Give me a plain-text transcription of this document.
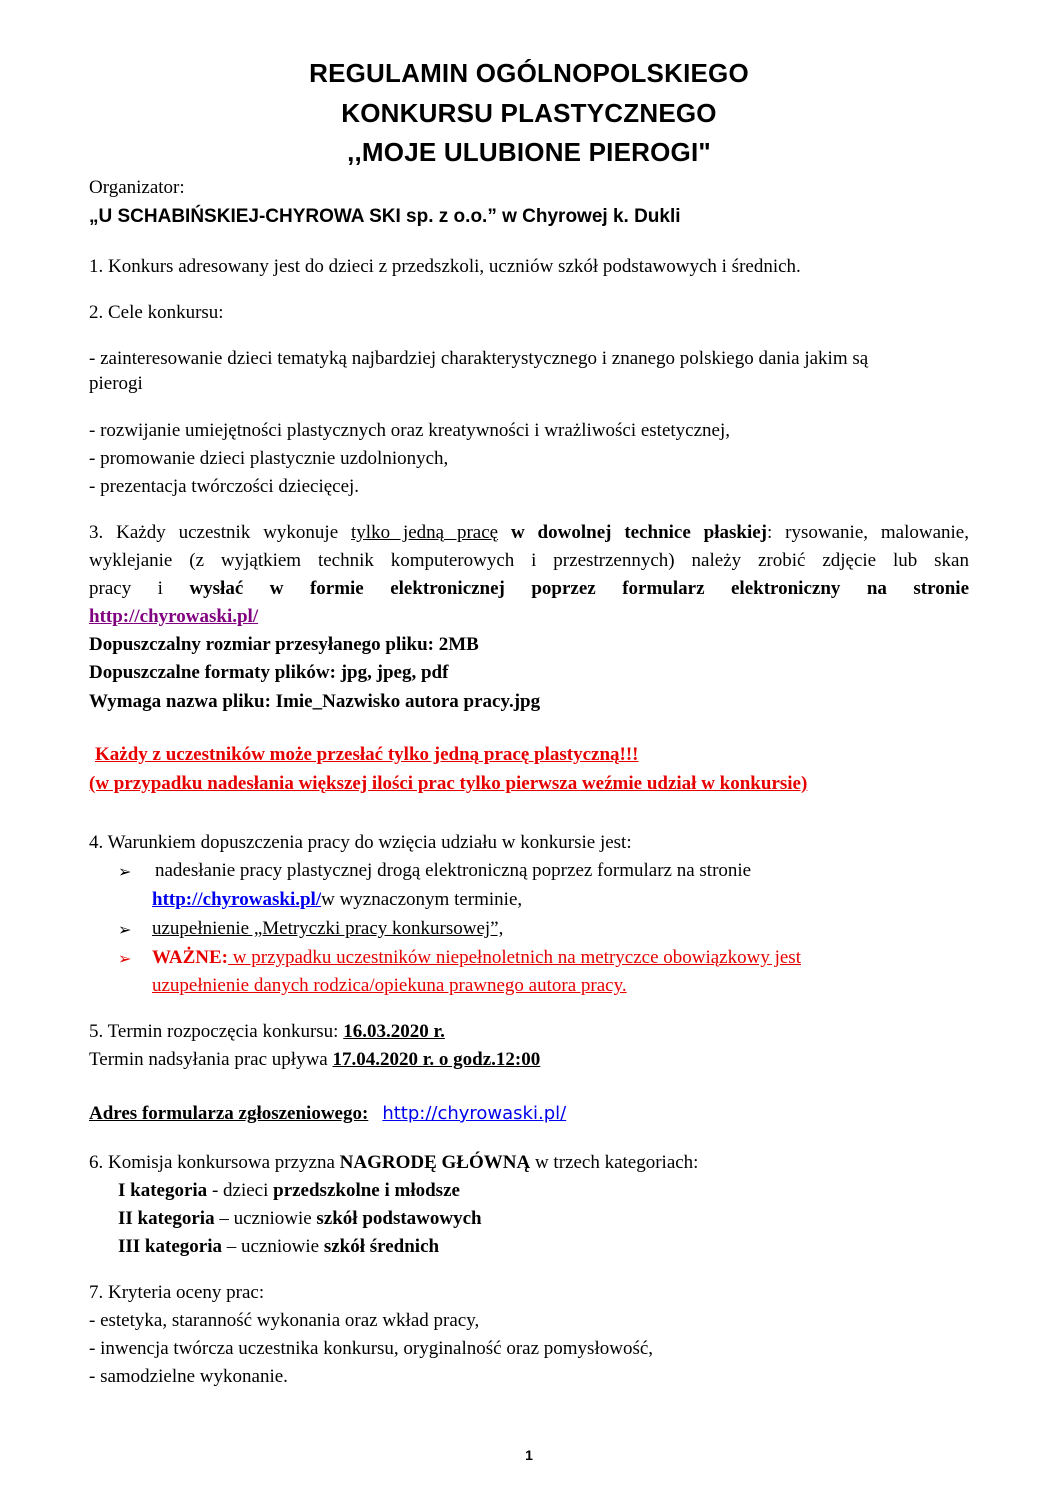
REGULAMIN OGÓLNOPOLSKIEGO
KONKURSU PLASTYCZNEGO
,,MOJE ULUBIONE PIEROGI"
Organizator:
„U SCHABIŃSKIEJ-CHYROWA SKI sp. z o.o.” w Chyrowej k. Dukli
1. Konkurs adresowany jest do dzieci z przedszkoli, uczniów szkół podstawowych i średnich.
2. Cele konkursu:
- zainteresowanie dzieci tematyką najbardziej charakterystycznego i znanego polskiego dania jakim są
pierogi
- rozwijanie umiejętności plastycznych oraz kreatywności i wrażliwości estetycznej,
- promowanie dzieci plastycznie uzdolnionych,
- prezentacja twórczości dziecięcej.
3. Każdy uczestnik wykonuje tylko jedną pracę w dowolnej technice płaskiej: rysowanie, malowanie,
wyklejanie (z wyjątkiem technik komputerowych i przestrzennych) należy zrobić zdjęcie lub skan
pracy i wysłać w formie elektronicznej poprzez formularz elektroniczny na stronie
http://chyrowaski.pl/
Dopuszczalny rozmiar przesyłanego pliku: 2MB
Dopuszczalne formaty plików: jpg, jpeg, pdf
Wymaga nazwa pliku: Imie_Nazwisko autora pracy.jpg
Każdy z uczestników może przesłać tylko jedną pracę plastyczną!!!
(w przypadku nadesłania większej ilości prac tylko pierwsza weźmie udział w konkursie)
4. Warunkiem dopuszczenia pracy do wzięcia udziału w konkursie jest:
➢ nadesłanie pracy plastycznej drogą elektroniczną poprzez formularz na stronie
http://chyrowaski.pl/w wyznaczonym terminie,
➢ uzupełnienie „Metryczki pracy konkursowej”,
➢ WAŻNE: w przypadku uczestników niepełnoletnich na metryczce obowiązkowy jest
uzupełnienie danych rodzica/opiekuna prawnego autora pracy.
5. Termin rozpoczęcia konkursu: 16.03.2020 r.
Termin nadsyłania prac upływa 17.04.2020 r. o godz.12:00
Adres formularza zgłoszeniowego: http://chyrowaski.pl/
6. Komisja konkursowa przyzna NAGRODĘ GŁÓWNĄ w trzech kategoriach:
I kategoria - dzieci przedszkolne i młodsze
II kategoria – uczniowie szkół podstawowych
III kategoria – uczniowie szkół średnich
7. Kryteria oceny prac:
- estetyka, staranność wykonania oraz wkład pracy,
- inwencja twórcza uczestnika konkursu, oryginalność oraz pomysłowość,
- samodzielne wykonanie.
1
